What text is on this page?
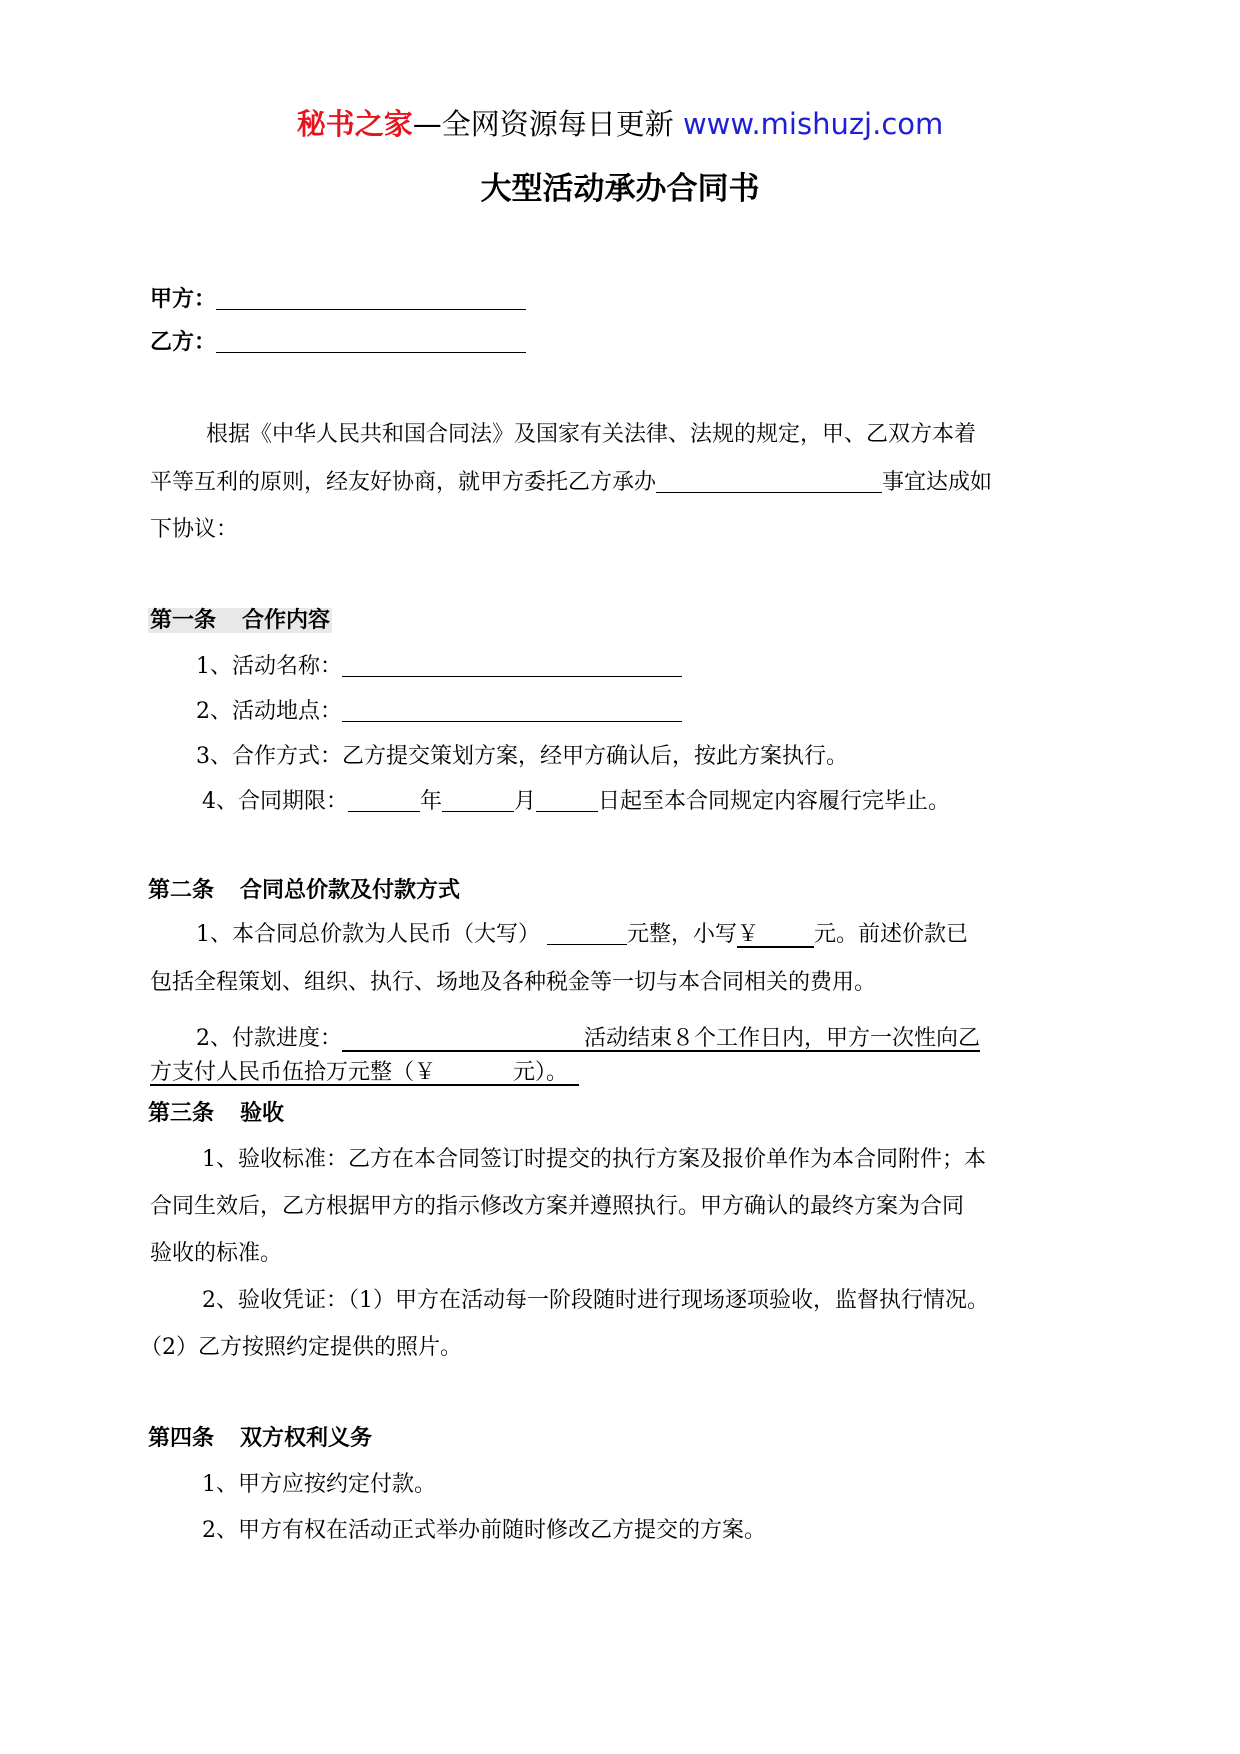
秘书之家—全网资源每日更新 www.mishuzj.com
大型活动承办合同书
甲方：
乙方：
根据《中华人民共和国合同法》及国家有关法律、法规的规定，甲、乙双方本着
平等互利的原则，经友好协商，就甲方委托乙方承办	事宜达成如
下协议：
第一条 合作内容
1、活动名称：
2、活动地点：
3、合作方式：乙方提交策划方案，经甲方确认后，按此方案执行。
4、合同期限：	年	月	日起至本合同规定内容履行完毕止。
第二条 合同总价款及付款方式
1、本合同总价款为人民币（大写）	元整，小写￥   	元。前述价款已
包括全程策划、组织、执行、场地及各种税金等一切与本合同相关的费用。
2、付款进度：           	活动结束８个工作日内，甲方一次性向乙
方支付人民币伍拾万元整（￥    	元）。 
第三条 验收
1、验收标准：乙方在本合同签订时提交的执行方案及报价单作为本合同附件；本
合同生效后，乙方根据甲方的指示修改方案并遵照执行。甲方确认的最终方案为合同
验收的标准。
2、验收凭证：（1）甲方在活动每一阶段随时进行现场逐项验收，监督执行情况。
（2）乙方按照约定提供的照片。
第四条 双方权利义务
1、甲方应按约定付款。
2、甲方有权在活动正式举办前随时修改乙方提交的方案。
